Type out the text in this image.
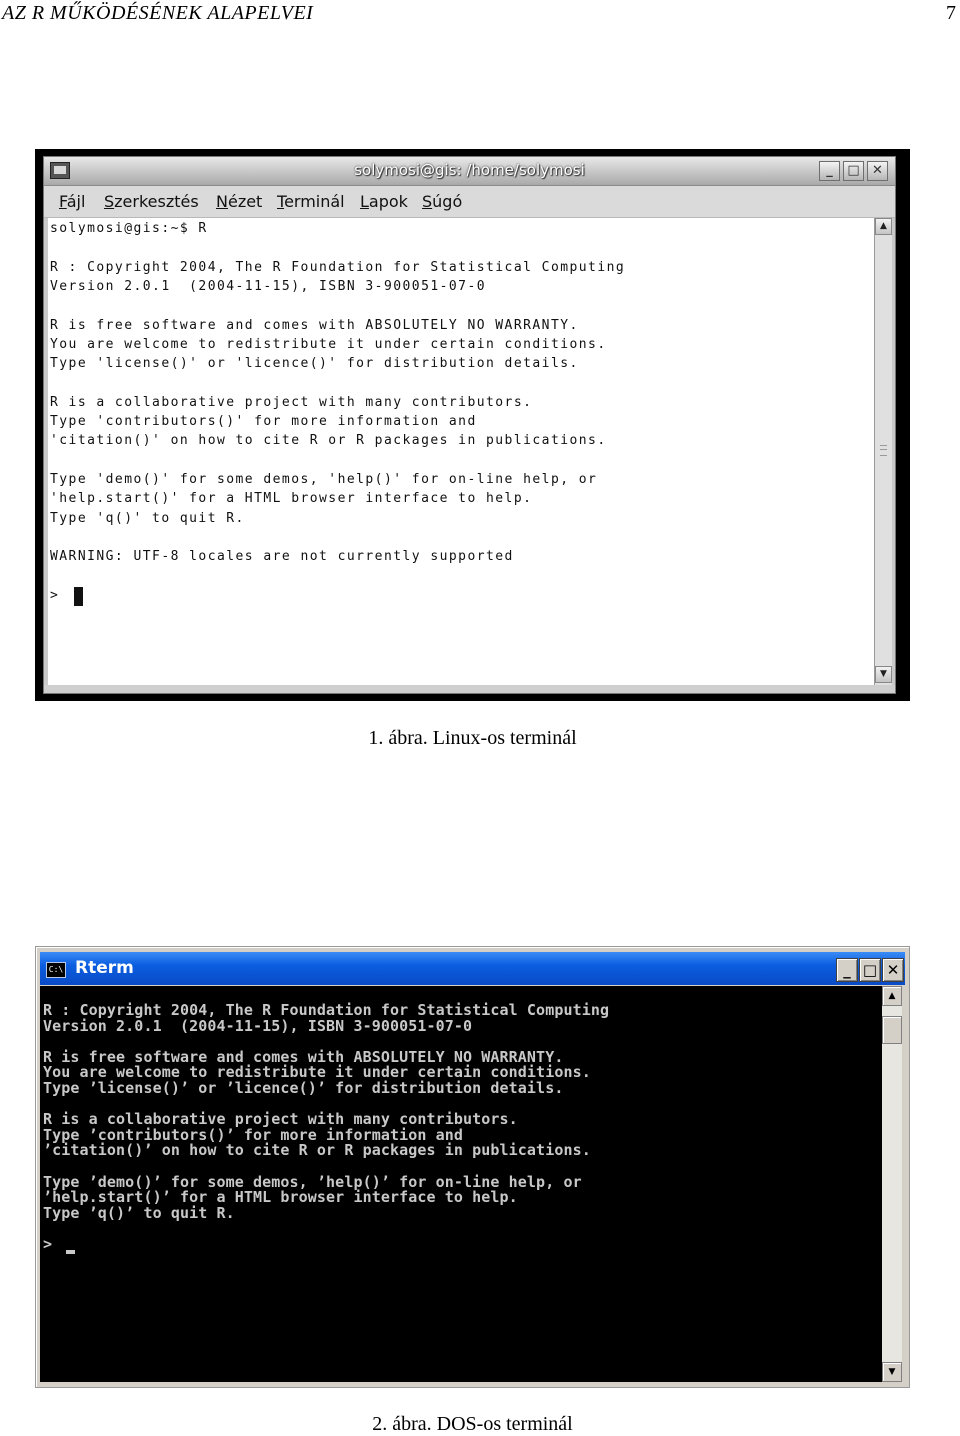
AZ R MŰKÖDÉSÉNEK ALAPELVEI	7
solymosi@gis: /home/solymosi	_	□ ✕
Fájl Szerkesztés Nézet Terminál Lapok Súgó
solymosi@gis:~$ R
R : Copyright 2004, The R Foundation for Statistical Computing
Version 2.0.1  (2004-11-15), ISBN 3-900051-07-0
R is free software and comes with ABSOLUTELY NO WARRANTY.
You are welcome to redistribute it under certain conditions.
Type 'license()' or 'licence()' for distribution details.
R is a collaborative project with many contributors.
Type 'contributors()' for more information and
'citation()' on how to cite R or R packages in publications.
Type 'demo()' for some demos, 'help()' for on-line help, or
'help.start()' for a HTML browser interface to help.
Type 'q()' to quit R.
WARNING: UTF-8 locales are not currently supported
>
▲
▼
1. ábra. Linux-os terminál
C:\ Rterm	_ □ ✕
R : Copyright 2004, The R Foundation for Statistical Computing
Version 2.0.1  (2004-11-15), ISBN 3-900051-07-0
R is free software and comes with ABSOLUTELY NO WARRANTY.
You are welcome to redistribute it under certain conditions.
Type ’license()’ or ’licence()’ for distribution details.
R is a collaborative project with many contributors.
Type ’contributors()’ for more information and
’citation()’ on how to cite R or R packages in publications.
Type ’demo()’ for some demos, ’help()’ for on-line help, or
’help.start()’ for a HTML browser interface to help.
Type ’q()’ to quit R.
>
▲
▼
2. ábra. DOS-os terminál
